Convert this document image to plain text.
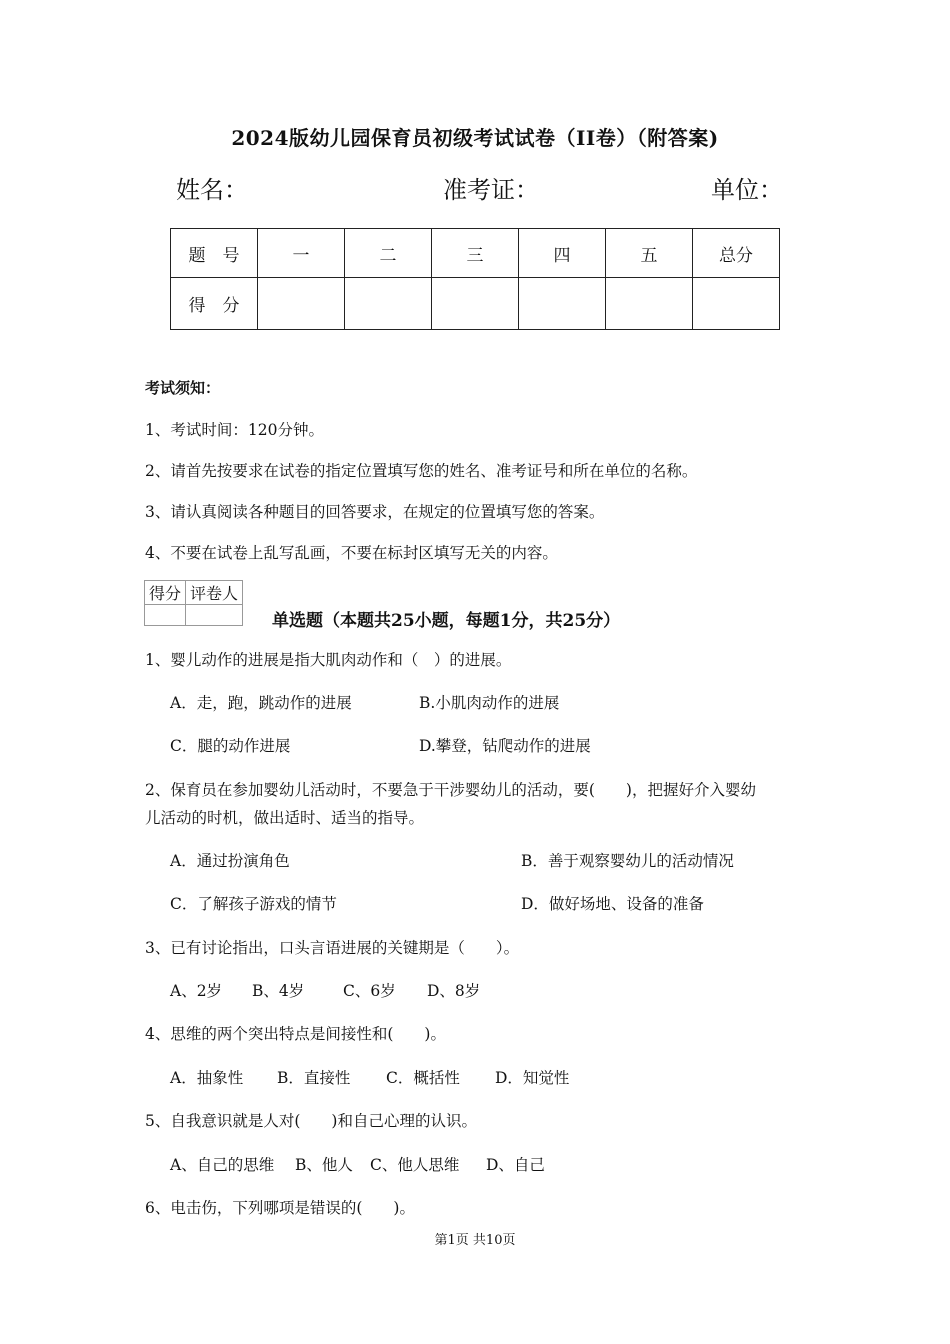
2024版幼儿园保育员初级考试试卷（II卷）（附答案)
姓名：	准考证：	单位：
题　号	一	二	三	四	五	总分
得　分						
考试须知：
1、考试时间：120分钟。
2、请首先按要求在试卷的指定位置填写您的姓名、准考证号和所在单位的名称。
3、请认真阅读各种题目的回答要求，在规定的位置填写您的答案。
4、不要在试卷上乱写乱画，不要在标封区填写无关的内容。
得分	评卷人

单选题（本题共25小题，每题1分，共25分）
1、婴儿动作的进展是指大肌肉动作和（　）的进展。
A．走，跑，跳动作的进展	B.小肌肉动作的进展
C．腿的动作进展	D.攀登，钻爬动作的进展
2、保育员在参加婴幼儿活动时，不要急于干涉婴幼儿的活动，要(　　)，把握好介入婴幼
儿活动的时机，做出适时、适当的指导。
A．通过扮演角色	B．善于观察婴幼儿的活动情况
C．了解孩子游戏的情节	D．做好场地、设备的准备
3、已有讨论指出，口头言语进展的关键期是（　　）。
A、2岁 B、4岁 C、6岁 D、8岁
4、思维的两个突出特点是间接性和(　　)。
A．抽象性 B．直接性 C．概括性 D．知觉性
5、自我意识就是人对(　　)和自己心理的认识。
A、自己的思维 B、他人 C、他人思维 D、自己
6、电击伤，下列哪项是错误的(　　)。
第1页 共10页
